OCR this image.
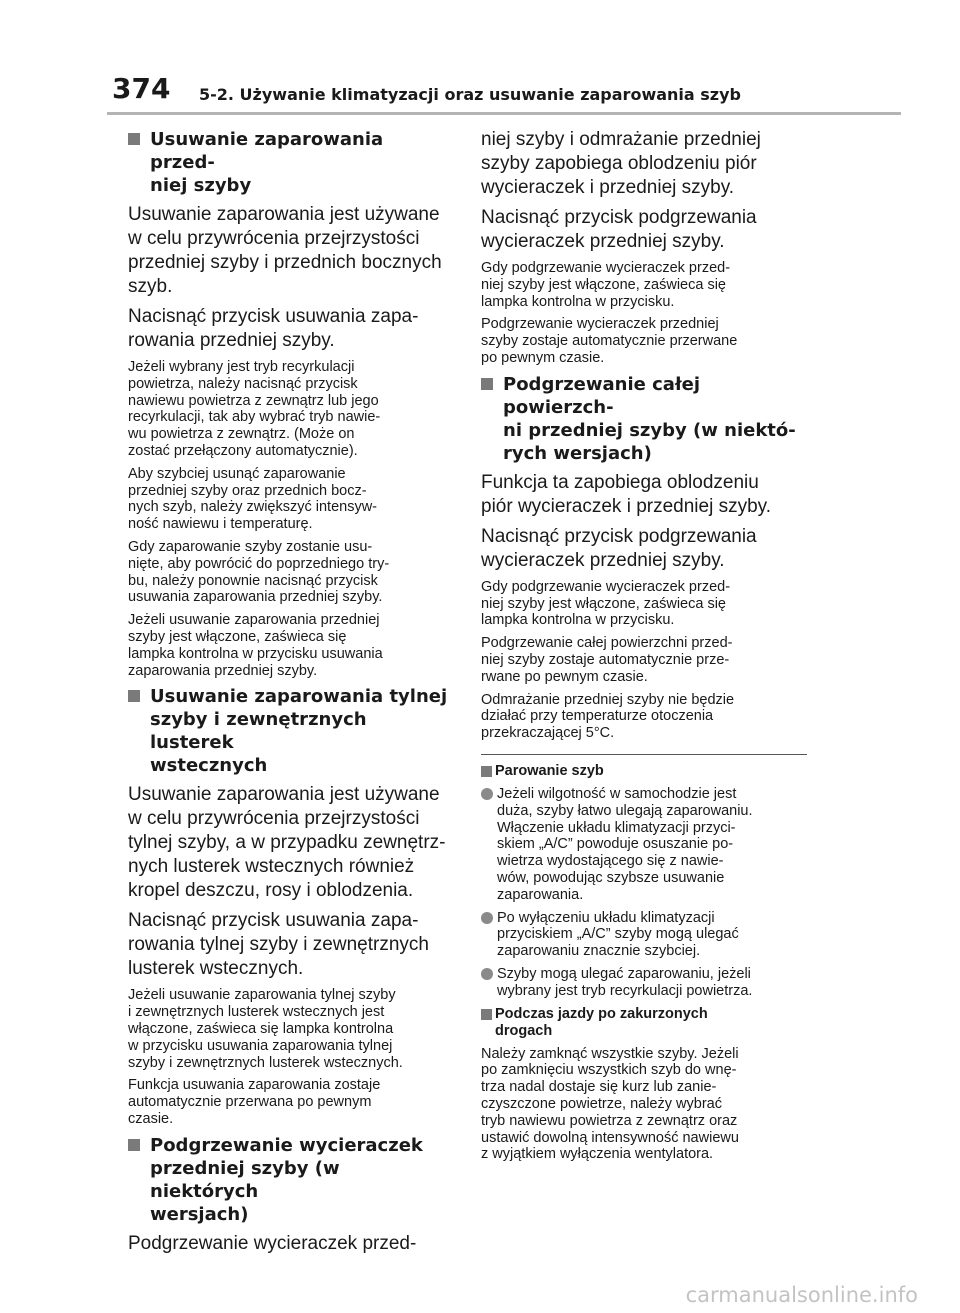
374 5-2. Używanie klimatyzacji oraz usuwanie zaparowania szyb
Usuwanie zaparowania przed-
niej szyby
Usuwanie zaparowania jest używane
w celu przywrócenia przejrzystości
przedniej szyby i przednich bocznych
szyb.
Nacisnąć przycisk usuwania zapa-
rowania przedniej szyby.
Jeżeli wybrany jest tryb recyrkulacji
powietrza, należy nacisnąć przycisk
nawiewu powietrza z zewnątrz lub jego
recyrkulacji, tak aby wybrać tryb nawie-
wu powietrza z zewnątrz. (Może on
zostać przełączony automatycznie).
Aby szybciej usunąć zaparowanie
przedniej szyby oraz przednich bocz-
nych szyb, należy zwiększyć intensyw-
ność nawiewu i temperaturę.
Gdy zaparowanie szyby zostanie usu-
nięte, aby powrócić do poprzedniego try-
bu, należy ponownie nacisnąć przycisk
usuwania zaparowania przedniej szyby.
Jeżeli usuwanie zaparowania przedniej
szyby jest włączone, zaświeca się
lampka kontrolna w przycisku usuwania
zaparowania przedniej szyby.
Usuwanie zaparowania tylnej
szyby i zewnętrznych lusterek
wstecznych
Usuwanie zaparowania jest używane
w celu przywrócenia przejrzystości
tylnej szyby, a w przypadku zewnętrz-
nych lusterek wstecznych również
kropel deszczu, rosy i oblodzenia.
Nacisnąć przycisk usuwania zapa-
rowania tylnej szyby i zewnętrznych
lusterek wstecznych.
Jeżeli usuwanie zaparowania tylnej szyby
i zewnętrznych lusterek wstecznych jest
włączone, zaświeca się lampka kontrolna
w przycisku usuwania zaparowania tylnej
szyby i zewnętrznych lusterek wstecznych.
Funkcja usuwania zaparowania zostaje
automatycznie przerwana po pewnym
czasie.
Podgrzewanie wycieraczek
przedniej szyby (w niektórych
wersjach)
Podgrzewanie wycieraczek przed-
niej szyby i odmrażanie przedniej
szyby zapobiega oblodzeniu piór
wycieraczek i przedniej szyby.
Nacisnąć przycisk podgrzewania
wycieraczek przedniej szyby.
Gdy podgrzewanie wycieraczek przed-
niej szyby jest włączone, zaświeca się
lampka kontrolna w przycisku.
Podgrzewanie wycieraczek przedniej
szyby zostaje automatycznie przerwane
po pewnym czasie.
Podgrzewanie całej powierzch-
ni przedniej szyby (w niektó-
rych wersjach)
Funkcja ta zapobiega oblodzeniu
piór wycieraczek i przedniej szyby.
Nacisnąć przycisk podgrzewania
wycieraczek przedniej szyby.
Gdy podgrzewanie wycieraczek przed-
niej szyby jest włączone, zaświeca się
lampka kontrolna w przycisku.
Podgrzewanie całej powierzchni przed-
niej szyby zostaje automatycznie prze-
rwane po pewnym czasie.
Odmrażanie przedniej szyby nie będzie
działać przy temperaturze otoczenia
przekraczającej 5°C.
Parowanie szyb
Jeżeli wilgotność w samochodzie jest
duża, szyby łatwo ulegają zaparowaniu.
Włączenie układu klimatyzacji przyci-
skiem „A/C” powoduje osuszanie po-
wietrza wydostającego się z nawie-
wów, powodując szybsze usuwanie
zaparowania.
Po wyłączeniu układu klimatyzacji
przyciskiem „A/C” szyby mogą ulegać
zaparowaniu znacznie szybciej.
Szyby mogą ulegać zaparowaniu, jeżeli
wybrany jest tryb recyrkulacji powietrza.
Podczas jazdy po zakurzonych
drogach
Należy zamknąć wszystkie szyby. Jeżeli
po zamknięciu wszystkich szyb do wnę-
trza nadal dostaje się kurz lub zanie-
czyszczone powietrze, należy wybrać
tryb nawiewu powietrza z zewnątrz oraz
ustawić dowolną intensywność nawiewu
z wyjątkiem wyłączenia wentylatora.
carmanualsonline.info
